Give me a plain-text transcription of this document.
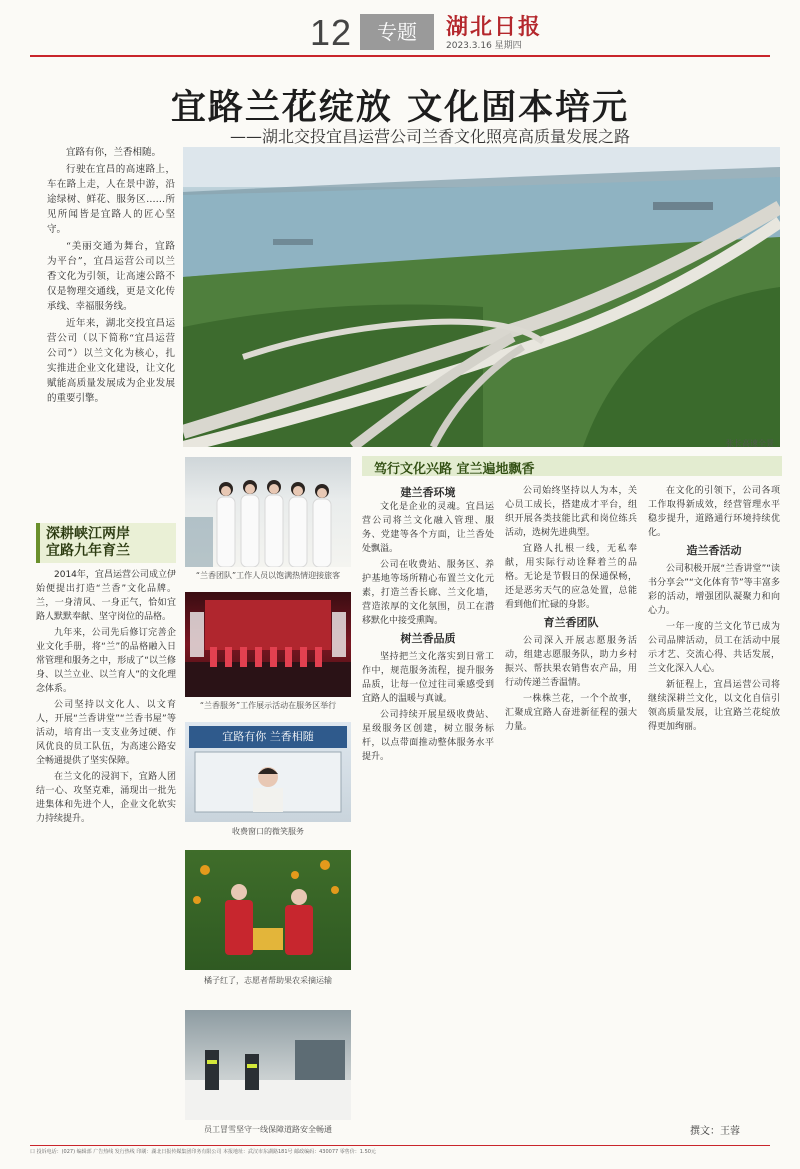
12	专题	湖北日报
2023.3.16 星期四
宜路兰花绽放 文化固本培元
——湖北交投宜昌运营公司兰香文化照亮高质量发展之路

宜路有你，兰香相随。

行驶在宜昌的高速路上，车在路上走，人在景中游，沿途绿树、鲜花、服务区……所见所闻皆是宜路人的匠心坚守。

“美丽交通为舞台，宜路为平台”，宜昌运营公司以兰香文化为引领，让高速公路不仅是物理交通线，更是文化传承线、幸福服务线。

近年来，湖北交投宜昌运营公司（以下简称“宜昌运营公司”）以兰文化为核心，扎实推进企业文化建设，让文化赋能高质量发展成为企业发展的重要引擎。

张长高速全景
深耕峡江两岸
宜路九年育兰

2014年，宜昌运营公司成立伊始便提出打造“兰香”文化品牌。兰，一身清风、一身正气，恰如宜路人默默奉献、坚守岗位的品格。

九年来，公司先后修订完善企业文化手册，将“兰”的品格融入日常管理和服务之中，形成了“以兰修身、以兰立业、以兰育人”的文化理念体系。

公司坚持以文化人、以文育人，开展“兰香讲堂”“兰香书屋”等活动，培育出一支支业务过硬、作风优良的员工队伍，为高速公路安全畅通提供了坚实保障。

在兰文化的浸润下，宜路人团结一心、攻坚克难，涌现出一批先进集体和先进个人，企业文化软实力持续提升。

“兰香团队”工作人员以饱满热情迎接旅客
“兰香服务”工作展示活动在服务区举行
宜路有你 兰香相随
收费窗口的微笑服务
橘子红了，志愿者帮助果农采摘运输
员工冒雪坚守一线保障道路安全畅通
笃行文化兴路 宜兰遍地飘香
建兰香环境

文化是企业的灵魂。宜昌运营公司将兰文化融入管理、服务、党建等各个方面，让兰香处处飘溢。

公司在收费站、服务区、养护基地等场所精心布置兰文化元素，打造兰香长廊、兰文化墙，营造浓厚的文化氛围，员工在潜移默化中接受熏陶。

树兰香品质

坚持把兰文化落实到日常工作中，规范服务流程，提升服务品质，让每一位过往司乘感受到宜路人的温暖与真诚。

公司持续开展星级收费站、星级服务区创建，树立服务标杆，以点带面推动整体服务水平提升。

公司始终坚持以人为本，关心员工成长，搭建成才平台，组织开展各类技能比武和岗位练兵活动，选树先进典型。

宜路人扎根一线，无私奉献，用实际行动诠释着兰的品格。无论是节假日的保通保畅，还是恶劣天气的应急处置，总能看到他们忙碌的身影。

育兰香团队

公司深入开展志愿服务活动，组建志愿服务队，助力乡村振兴、帮扶果农销售农产品，用行动传递兰香温情。

一株株兰花，一个个故事，汇聚成宜路人奋进新征程的强大力量。

在文化的引领下，公司各项工作取得新成效，经营管理水平稳步提升，道路通行环境持续优化。

造兰香活动

公司积极开展“兰香讲堂”“读书分享会”“文化体育节”等丰富多彩的活动，增强团队凝聚力和向心力。

一年一度的兰文化节已成为公司品牌活动，员工在活动中展示才艺、交流心得、共话发展，兰文化深入人心。

新征程上，宜昌运营公司将继续深耕兰文化，以文化自信引领高质量发展，让宜路兰花绽放得更加绚丽。

撰文：王蓉
口 投诉电话：(027) 编辑部 广告热线 发行热线 印刷：湖北日报传媒集团印务有限公司 本报地址：武汉市东湖路181号 邮政编码：430077 零售价：1.50元
